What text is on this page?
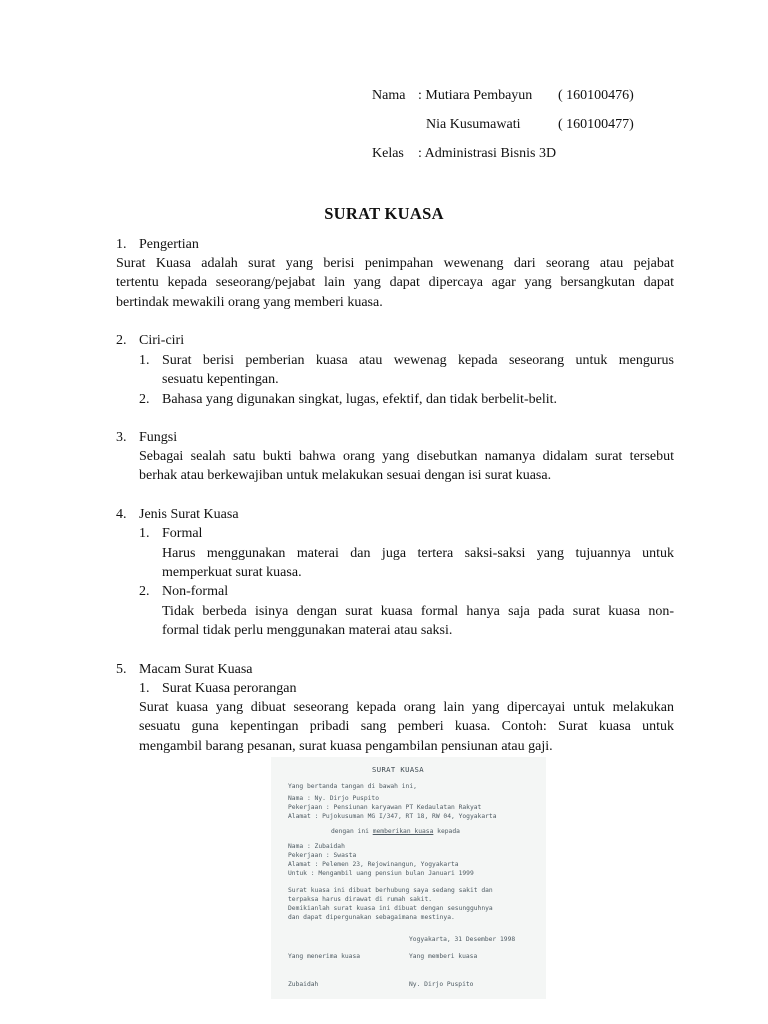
Nama : Mutiara Pembayun ( 160100476)
Nia Kusumawati	( 160100477)
Kelas : Administrasi Bisnis 3D
SURAT KUASA
1. Pengertian
Surat Kuasa adalah surat yang berisi penimpahan wewenang dari seorang atau pejabat
tertentu kepada seseorang/pejabat lain yang dapat dipercaya agar yang bersangkutan dapat
bertindak mewakili orang yang memberi kuasa.
2. Ciri-ciri
1. Surat berisi pemberian kuasa atau wewenag kepada seseorang untuk mengurus
sesuatu kepentingan.
2. Bahasa yang digunakan singkat, lugas, efektif, dan tidak berbelit-belit.
3. Fungsi
Sebagai sealah satu bukti bahwa orang yang disebutkan namanya didalam surat tersebut
berhak atau berkewajiban untuk melakukan sesuai dengan isi surat kuasa.
4. Jenis Surat Kuasa
1. Formal
Harus menggunakan materai dan juga tertera saksi-saksi yang tujuannya untuk
memperkuat surat kuasa.
2. Non-formal
Tidak berbeda isinya dengan surat kuasa formal hanya saja pada surat kuasa non-
formal tidak perlu menggunakan materai atau saksi.
5. Macam Surat Kuasa
1. Surat Kuasa perorangan
Surat kuasa yang dibuat seseorang kepada orang lain yang dipercayai untuk melakukan
sesuatu guna kepentingan pribadi sang pemberi kuasa. Contoh: Surat kuasa untuk
mengambil barang pesanan, surat kuasa pengambilan pensiunan atau gaji.
SURAT KUASA
Yang bertanda tangan di bawah ini,
Nama : Ny. Dirjo Puspito
Pekerjaan : Pensiunan karyawan PT Kedaulatan Rakyat
Alamat : Pujokusuman MG I/347, RT 18, RW 04, Yogyakarta
dengan ini memberikan kuasa kepada
Nama : Zubaidah
Pekerjaan : Swasta
Alamat : Pelemen 23, Rejowinangun, Yogyakarta
Untuk : Mengambil uang pensiun bulan Januari 1999
Surat kuasa ini dibuat berhubung saya sedang sakit dan
terpaksa harus dirawat di rumah sakit.
Demikianlah surat kuasa ini dibuat dengan sesungguhnya
dan dapat dipergunakan sebagaimana mestinya.
Yogyakarta, 31 Desember 1998
Yang menerima kuasa	Yang memberi kuasa
Zubaidah	Ny. Dirjo Puspito
